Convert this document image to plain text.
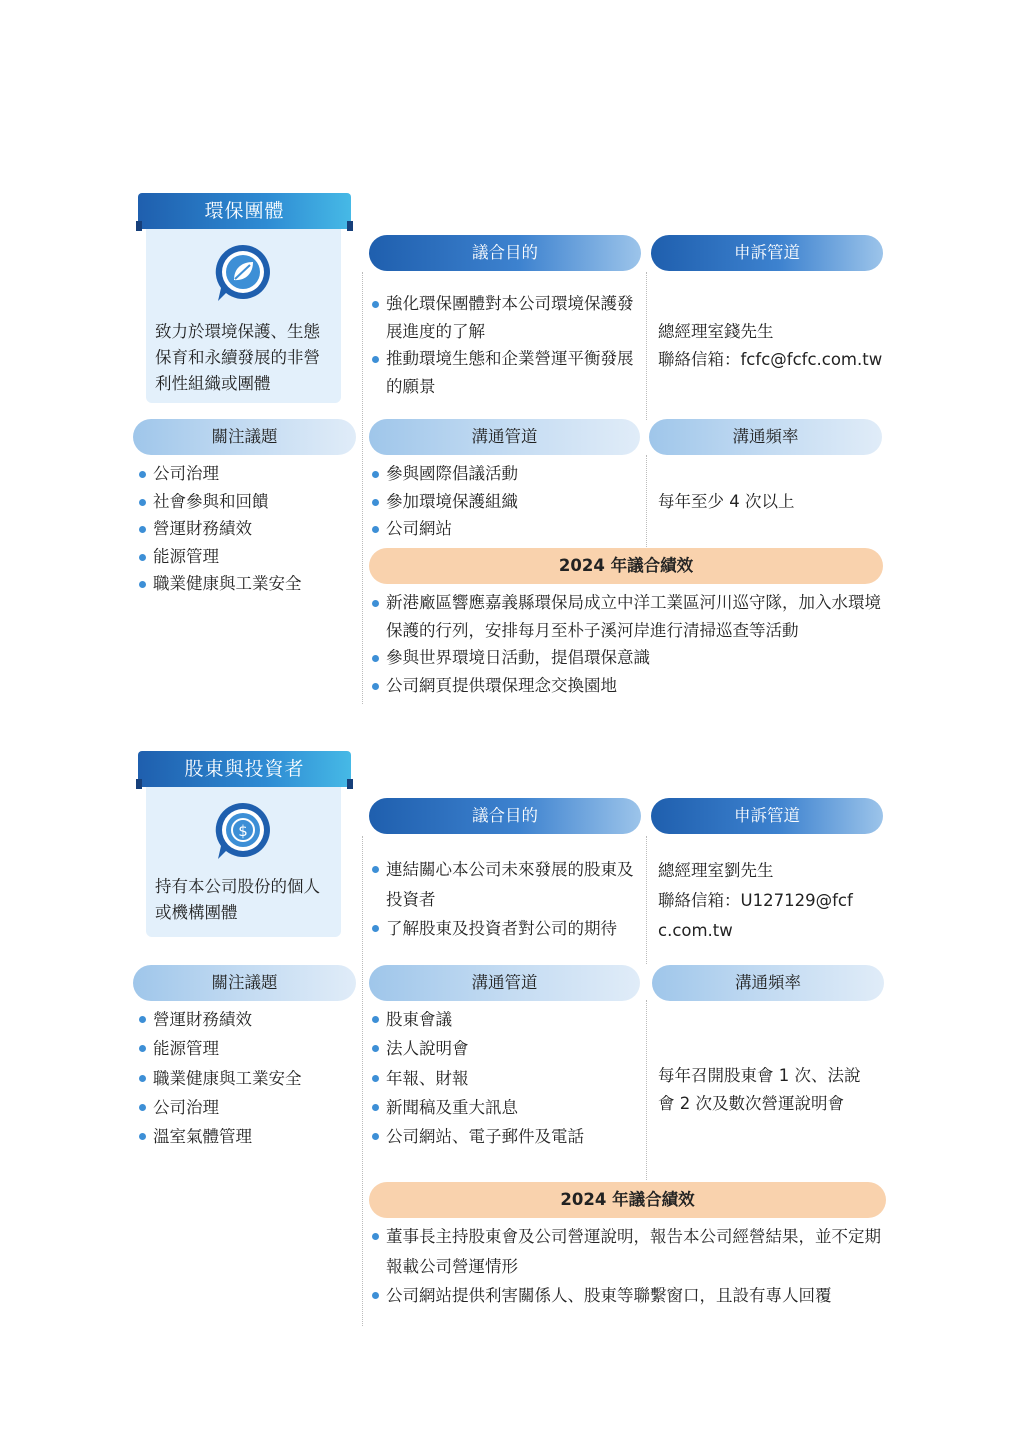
環保團體
致力於環境保護、生態保育和永續發展的非營利性組織或團體
議合目的	申訴管道
強化環保團體對本公司環境保護發展進度的了解
推動環境生態和企業營運平衡發展的願景
總經理室錢先生
聯絡信箱：fcfc@fcfc.com.tw
關注議題	溝通管道	溝通頻率
公司治理
社會參與和回饋
營運財務績效
能源管理
職業健康與工業安全
參與國際倡議活動
參加環境保護組織
公司網站
每年至少 4 次以上
2024 年議合績效
新港廠區響應嘉義縣環保局成立中洋工業區河川巡守隊，加入水環境保護的行列，安排每月至朴子溪河岸進行清掃巡查等活動
參與世界環境日活動，提倡環保意識
公司網頁提供環保理念交換園地
股東與投資者
$
持有本公司股份的個人或機構團體
議合目的	申訴管道
連結關心本公司未來發展的股東及投資者
了解股東及投資者對公司的期待
總經理室劉先生
聯絡信箱：U127129@fcfc.com.tw
關注議題	溝通管道	溝通頻率
營運財務績效
能源管理
職業健康與工業安全
公司治理
溫室氣體管理
股東會議
法人說明會
年報、財報
新聞稿及重大訊息
公司網站、電子郵件及電話
每年召開股東會 1 次、法說會 2 次及數次營運說明會
2024 年議合績效
董事長主持股東會及公司營運說明，報告本公司經營結果，並不定期報載公司營運情形
公司網站提供利害關係人、股東等聯繫窗口，且設有專人回覆
